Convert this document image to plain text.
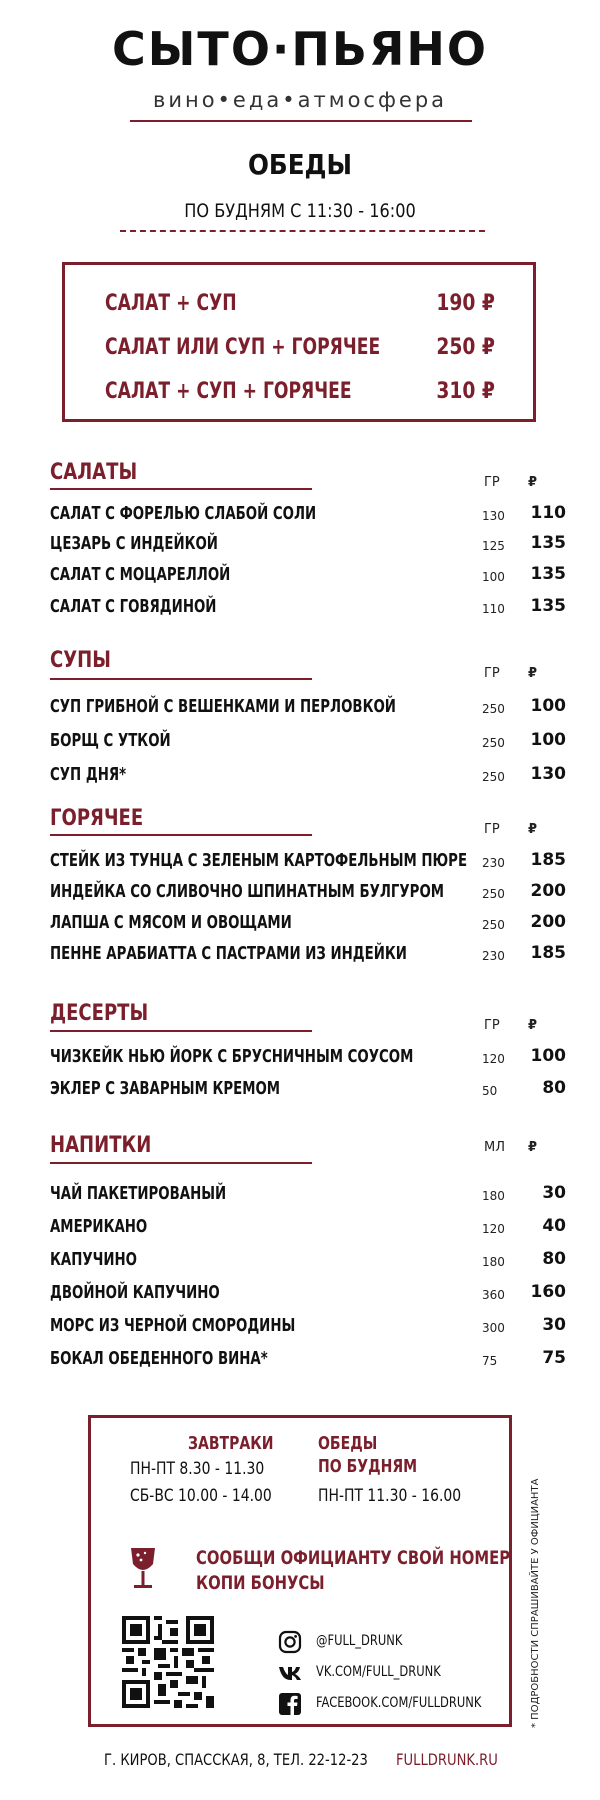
СЫТО·ПЬЯНО
вино•еда•атмосфера
ОБЕДЫ
ПО БУДНЯМ С 11:30 - 16:00
САЛАТ + СУП	190 ₽
САЛАТ ИЛИ СУП + ГОРЯЧЕЕ	250 ₽
САЛАТ + СУП + ГОРЯЧЕЕ	310 ₽
САЛАТЫ	ГР ₽
САЛАТ С ФОРЕЛЬЮ СЛАБОЙ СОЛИ	130	110
ЦЕЗАРЬ С ИНДЕЙКОЙ	125	135
САЛАТ С МОЦАРЕЛЛОЙ	100	135
САЛАТ С ГОВЯДИНОЙ	110	135
СУПЫ
ГР ₽
СУП ГРИБНОЙ С ВЕШЕНКАМИ И ПЕРЛОВКОЙ	250	100
БОРЩ С УТКОЙ	250	100
СУП ДНЯ*	250	130
ГОРЯЧЕЕ	ГР ₽
СТЕЙК ИЗ ТУНЦА С ЗЕЛЕНЫМ КАРТОФЕЛЬНЫМ ПЮРЕ 230	185
ИНДЕЙКА СО СЛИВОЧНО ШПИНАТНЫМ БУЛГУРОМ	250	200
ЛАПША С МЯСОМ И ОВОЩАМИ	250	200
ПЕННЕ АРАБИАТТА С ПАСТРАМИ ИЗ ИНДЕЙКИ	230	185
ДЕСЕРТЫ	ГР ₽
ЧИЗКЕЙК НЬЮ ЙОРК С БРУСНИЧНЫМ СОУСОМ	120	100
ЭКЛЕР С ЗАВАРНЫМ КРЕМОМ	50	80
НАПИТКИ	МЛ ₽
ЧАЙ ПАКЕТИРОВАНЫЙ	180	30
АМЕРИКАНО	120	40
КАПУЧИНО	180	80
ДВОЙНОЙ КАПУЧИНО	360	160
МОРС ИЗ ЧЕРНОЙ СМОРОДИНЫ	300	30
БОКАЛ ОБЕДЕННОГО ВИНА*	75	75
ЗАВТРАКИ
ПН-ПТ 8.30 - 11.30
СБ-ВС 10.00 - 14.00
ОБЕДЫ
ПО БУДНЯМ
ПН-ПТ 11.30 - 16.00
СООБЩИ ОФИЦИАНТУ СВОЙ НОМЕР
КОПИ БОНУСЫ
@FULL_DRUNK
VK.COM/FULL_DRUNK
FACEBOOK.COM/FULLDRUNK	* ПОДРОБНОСТИ СПРАШИВАЙТЕ У ОФИЦИАНТА
Г. КИРОВ, СПАССКАЯ, 8, ТЕЛ. 22-12-23 FULLDRUNK.RU
